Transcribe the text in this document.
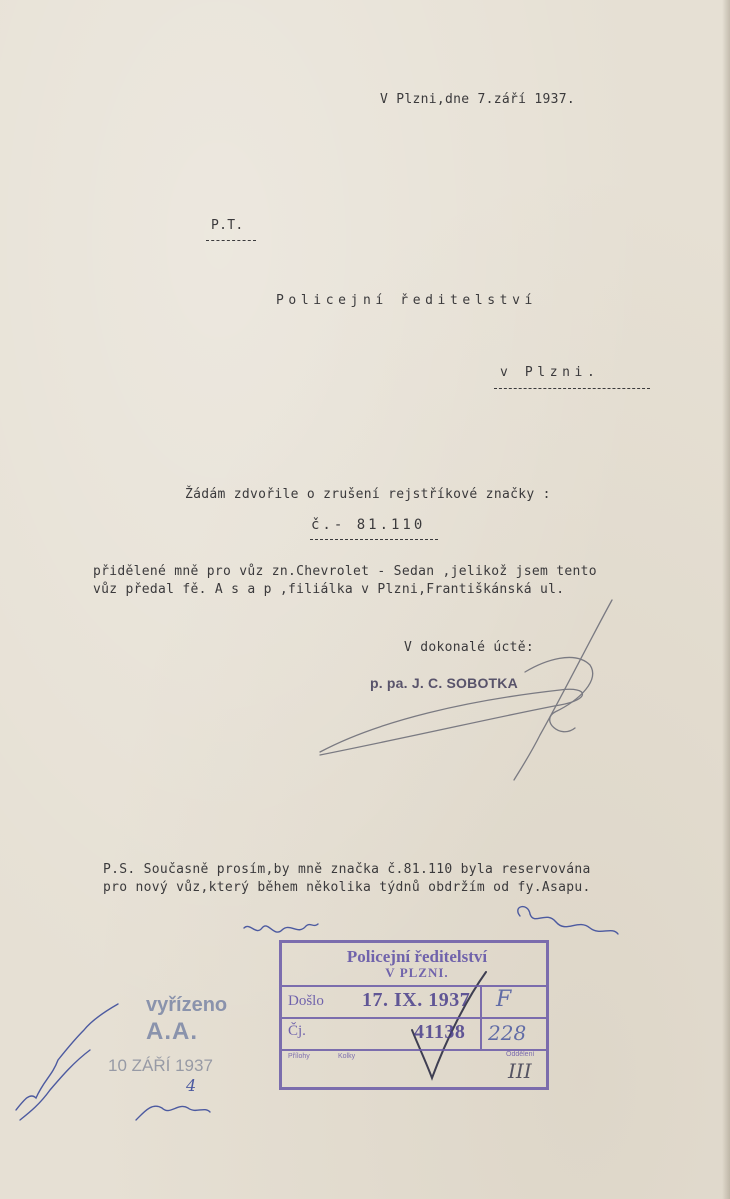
V Plzni,dne 7.září 1937.
P.T.
Policejní ředitelství
v Plzni.
Žádám zdvořile o zrušení rejstříkové značky :
č.- 81.110
přidělené mně pro vůz zn.Chevrolet - Sedan ,jelikož jsem tento
vůz předal fě. A s a p ,filiálka v Plzni,Františkánská ul.
V dokonalé úctě:
p. pa. J. C. SOBOTKA
P.S. Současně prosím,by mně značka č.81.110 byla reservována
pro nový vůz,který během několika týdnů obdržím od fy.Asapu.
Policejní ředitelství
V PLZNI.
Došlo 17. IX. 1937
Čj.	41138
F
228
Přílohy	Kolky	Oddělení
III
vyřízeno
A.A.
10 ZÁŘÍ 1937
4
